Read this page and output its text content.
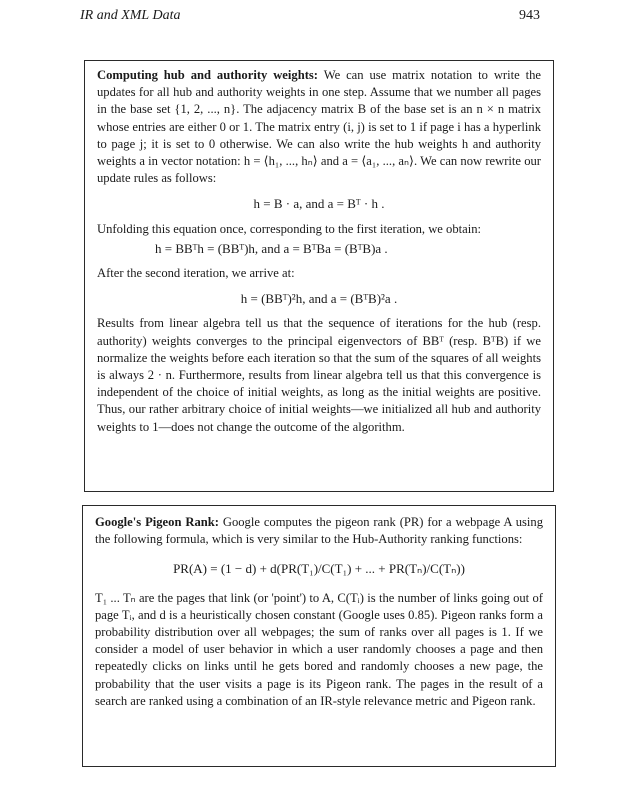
IR and XML Data	943

Computing hub and authority weights: We can use matrix notation to write the updates for all hub and authority weights in one step. Assume that we number all pages in the base set {1, 2, ..., n}. The adjacency matrix B of the base set is an n × n matrix whose entries are either 0 or 1. The matrix entry (i, j) is set to 1 if page i has a hyperlink to page j; it is set to 0 otherwise. We can also write the hub weights h and authority weights a in vector notation: h = ⟨h₁, ..., hₙ⟩ and a = ⟨a₁, ..., aₙ⟩. We can now rewrite our update rules as follows:

h = B · a, and a = Bᵀ · h .

Unfolding this equation once, corresponding to the first iteration, we obtain:

h = BBᵀh = (BBᵀ)h, and a = BᵀBa = (BᵀB)a .

After the second iteration, we arrive at:

h = (BBᵀ)²h, and a = (BᵀB)²a .

Results from linear algebra tell us that the sequence of iterations for the hub (resp. authority) weights converges to the principal eigenvectors of BBᵀ (resp. BᵀB) if we normalize the weights before each iteration so that the sum of the squares of all weights is always 2 · n. Furthermore, results from linear algebra tell us that this convergence is independent of the choice of initial weights, as long as the initial weights are positive. Thus, our rather arbitrary choice of initial weights—we initialized all hub and authority weights to 1—does not change the outcome of the algorithm.

Google's Pigeon Rank: Google computes the pigeon rank (PR) for a webpage A using the following formula, which is very similar to the Hub-Authority ranking functions:

PR(A) = (1 − d) + d(PR(T₁)/C(T₁) + ... + PR(Tₙ)/C(Tₙ))

T₁ ... Tₙ are the pages that link (or 'point') to A, C(Tᵢ) is the number of links going out of page Tᵢ, and d is a heuristically chosen constant (Google uses 0.85). Pigeon ranks form a probability distribution over all webpages; the sum of ranks over all pages is 1. If we consider a model of user behavior in which a user randomly chooses a page and then repeatedly clicks on links until he gets bored and randomly chooses a new page, the probability that the user visits a page is its Pigeon rank. The pages in the result of a search are ranked using a combination of an IR-style relevance metric and Pigeon rank.
